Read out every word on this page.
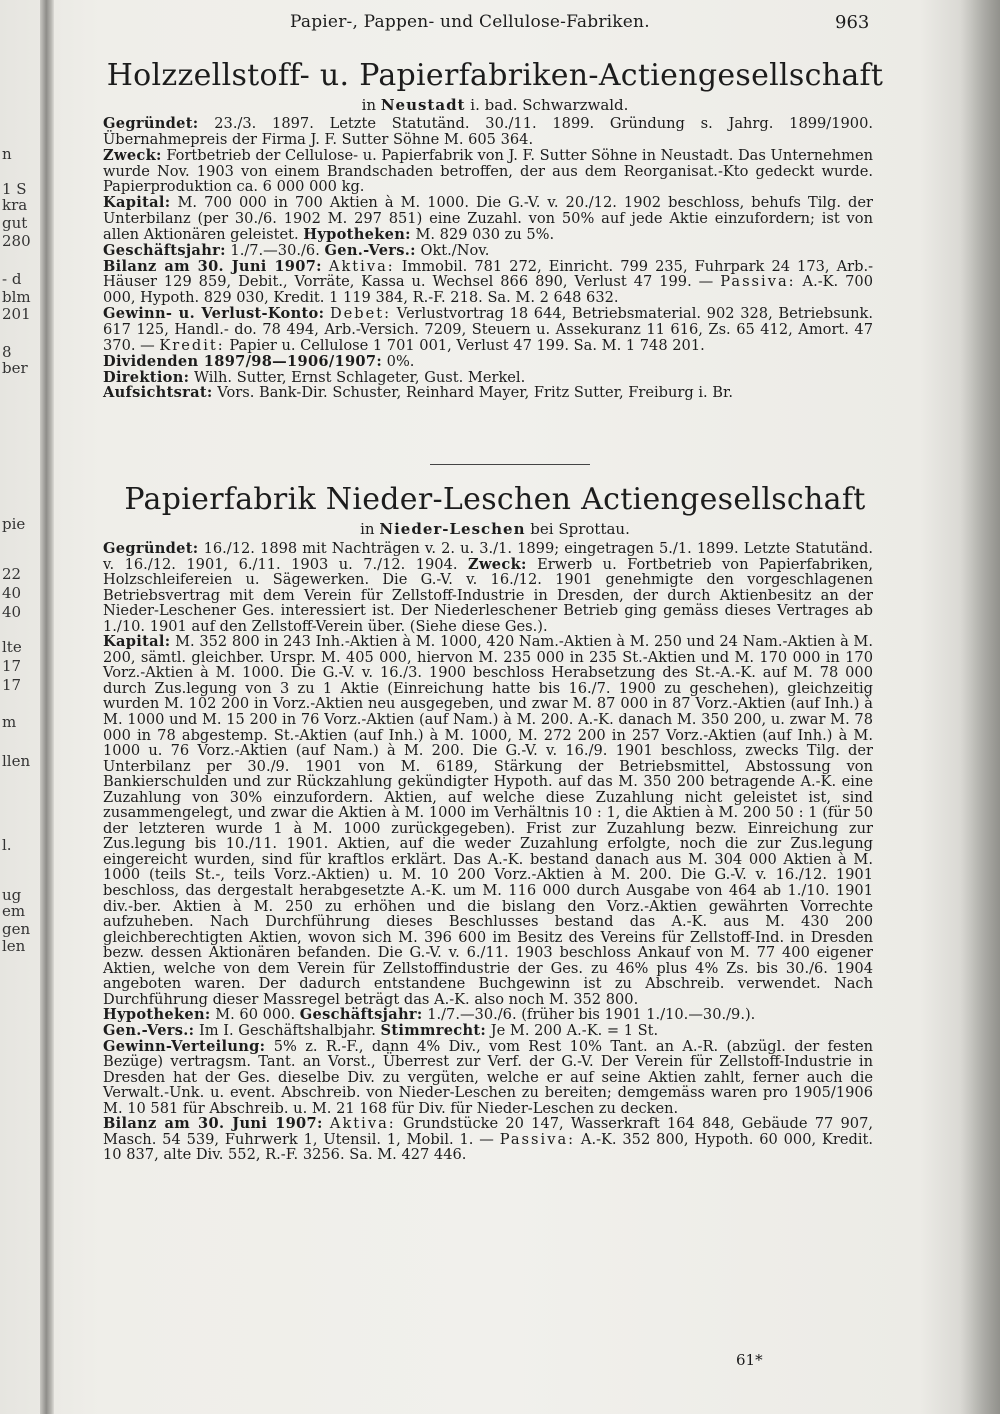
n
1 S
kra
gut
280
- d
blm
201
8
ber
pie
22
40
40
lte
17
17
m
llen
l.
ug
em
gen
len
Papier-, Pappen- und Cellulose-Fabriken.	963
Holzzellstoff- u. Papierfabriken-Actiengesellschaft
in Neustadt i. bad. Schwarzwald.

Gegründet: 23./3. 1897. Letzte Statutänd. 30./11. 1899. Gründung s. Jahrg. 1899/1900. Übernahmepreis der Firma J. F. Sutter Söhne M. 605 364.

Zweck: Fortbetrieb der Cellulose- u. Papierfabrik von J. F. Sutter Söhne in Neustadt. Das Unternehmen wurde Nov. 1903 von einem Brandschaden betroffen, der aus dem Reorganisat.-Kto gedeckt wurde. Papierproduktion ca. 6 000 000 kg.

Kapital: M. 700 000 in 700 Aktien à M. 1000. Die G.-V. v. 20./12. 1902 beschloss, behufs Tilg. der Unterbilanz (per 30./6. 1902 M. 297 851) eine Zuzahl. von 50% auf jede Aktie einzufordern; ist von allen Aktionären geleistet. Hypotheken: M. 829 030 zu 5%.

Geschäftsjahr: 1./7.—30./6. Gen.-Vers.: Okt./Nov.

Bilanz am 30. Juni 1907: Aktiva: Immobil. 781 272, Einricht. 799 235, Fuhrpark 24 173, Arb.-Häuser 129 859, Debit., Vorräte, Kassa u. Wechsel 866 890, Verlust 47 199. — Passiva: A.-K. 700 000, Hypoth. 829 030, Kredit. 1 119 384, R.-F. 218. Sa. M. 2 648 632.

Gewinn- u. Verlust-Konto: Debet: Verlustvortrag 18 644, Betriebsmaterial. 902 328, Betriebsunk. 617 125, Handl.- do. 78 494, Arb.-Versich. 7209, Steuern u. Assekuranz 11 616, Zs. 65 412, Amort. 47 370. — Kredit: Papier u. Cellulose 1 701 001, Verlust 47 199. Sa. M. 1 748 201.

Dividenden 1897/98—1906/1907: 0%.

Direktion: Wilh. Sutter, Ernst Schlageter, Gust. Merkel.

Aufsichtsrat: Vors. Bank-Dir. Schuster, Reinhard Mayer, Fritz Sutter, Freiburg i. Br.

Papierfabrik Nieder-Leschen Actiengesellschaft
in Nieder-Leschen bei Sprottau.

Gegründet: 16./12. 1898 mit Nachträgen v. 2. u. 3./1. 1899; eingetragen 5./1. 1899. Letzte Statutänd. v. 16./12. 1901, 6./11. 1903 u. 7./12. 1904. Zweck: Erwerb u. Fortbetrieb von Papierfabriken, Holzschleifereien u. Sägewerken. Die G.-V. v. 16./12. 1901 genehmigte den vorgeschlagenen Betriebsvertrag mit dem Verein für Zellstoff-Industrie in Dresden, der durch Aktienbesitz an der Nieder-Leschener Ges. interessiert ist. Der Niederleschener Betrieb ging gemäss dieses Vertrages ab 1./10. 1901 auf den Zellstoff-Verein über. (Siehe diese Ges.).

Kapital: M. 352 800 in 243 Inh.-Aktien à M. 1000, 420 Nam.-Aktien à M. 250 und 24 Nam.-Aktien à M. 200, sämtl. gleichber. Urspr. M. 405 000, hiervon M. 235 000 in 235 St.-Aktien und M. 170 000 in 170 Vorz.-Aktien à M. 1000. Die G.-V. v. 16./3. 1900 beschloss Herabsetzung des St.-A.-K. auf M. 78 000 durch Zus.legung von 3 zu 1 Aktie (Einreichung hatte bis 16./7. 1900 zu geschehen), gleichzeitig wurden M. 102 200 in Vorz.-Aktien neu ausgegeben, und zwar M. 87 000 in 87 Vorz.-Aktien (auf Inh.) à M. 1000 und M. 15 200 in 76 Vorz.-Aktien (auf Nam.) à M. 200. A.-K. danach M. 350 200, u. zwar M. 78 000 in 78 abgestemp. St.-Aktien (auf Inh.) à M. 1000, M. 272 200 in 257 Vorz.-Aktien (auf Inh.) à M. 1000 u. 76 Vorz.-Aktien (auf Nam.) à M. 200. Die G.-V. v. 16./9. 1901 beschloss, zwecks Tilg. der Unterbilanz per 30./9. 1901 von M. 6189, Stärkung der Betriebsmittel, Abstossung von Bankierschulden und zur Rückzahlung gekündigter Hypoth. auf das M. 350 200 betragende A.-K. eine Zuzahlung von 30% einzufordern. Aktien, auf welche diese Zuzahlung nicht geleistet ist, sind zusammengelegt, und zwar die Aktien à M. 1000 im Verhältnis 10 : 1, die Aktien à M. 200 50 : 1 (für 50 der letzteren wurde 1 à M. 1000 zurückgegeben). Frist zur Zuzahlung bezw. Einreichung zur Zus.legung bis 10./11. 1901. Aktien, auf die weder Zuzahlung erfolgte, noch die zur Zus.legung eingereicht wurden, sind für kraftlos erklärt. Das A.-K. bestand danach aus M. 304 000 Aktien à M. 1000 (teils St.-, teils Vorz.-Aktien) u. M. 10 200 Vorz.-Aktien à M. 200. Die G.-V. v. 16./12. 1901 beschloss, das dergestalt herabgesetzte A.-K. um M. 116 000 durch Ausgabe von 464 ab 1./10. 1901 div.-ber. Aktien à M. 250 zu erhöhen und die bislang den Vorz.-Aktien gewährten Vorrechte aufzuheben. Nach Durchführung dieses Beschlusses bestand das A.-K. aus M. 430 200 gleichberechtigten Aktien, wovon sich M. 396 600 im Besitz des Vereins für Zellstoff-Ind. in Dresden bezw. dessen Aktionären befanden. Die G.-V. v. 6./11. 1903 beschloss Ankauf von M. 77 400 eigener Aktien, welche von dem Verein für Zellstoffindustrie der Ges. zu 46% plus 4% Zs. bis 30./6. 1904 angeboten waren. Der dadurch entstandene Buchgewinn ist zu Abschreib. verwendet. Nach Durchführung dieser Massregel beträgt das A.-K. also noch M. 352 800.

Hypotheken: M. 60 000. Geschäftsjahr: 1./7.—30./6. (früher bis 1901 1./10.—30./9.).

Gen.-Vers.: Im I. Geschäftshalbjahr. Stimmrecht: Je M. 200 A.-K. = 1 St.

Gewinn-Verteilung: 5% z. R.-F., dann 4% Div., vom Rest 10% Tant. an A.-R. (abzügl. der festen Bezüge) vertragsm. Tant. an Vorst., Überrest zur Verf. der G.-V. Der Verein für Zellstoff-Industrie in Dresden hat der Ges. dieselbe Div. zu vergüten, welche er auf seine Aktien zahlt, ferner auch die Verwalt.-Unk. u. event. Abschreib. von Nieder-Leschen zu bereiten; demgemäss waren pro 1905/1906 M. 10 581 für Abschreib. u. M. 21 168 für Div. für Nieder-Leschen zu decken.

Bilanz am 30. Juni 1907: Aktiva: Grundstücke 20 147, Wasserkraft 164 848, Gebäude 77 907, Masch. 54 539, Fuhrwerk 1, Utensil. 1, Mobil. 1. — Passiva: A.-K. 352 800, Hypoth. 60 000, Kredit. 10 837, alte Div. 552, R.-F. 3256. Sa. M. 427 446.

61*
